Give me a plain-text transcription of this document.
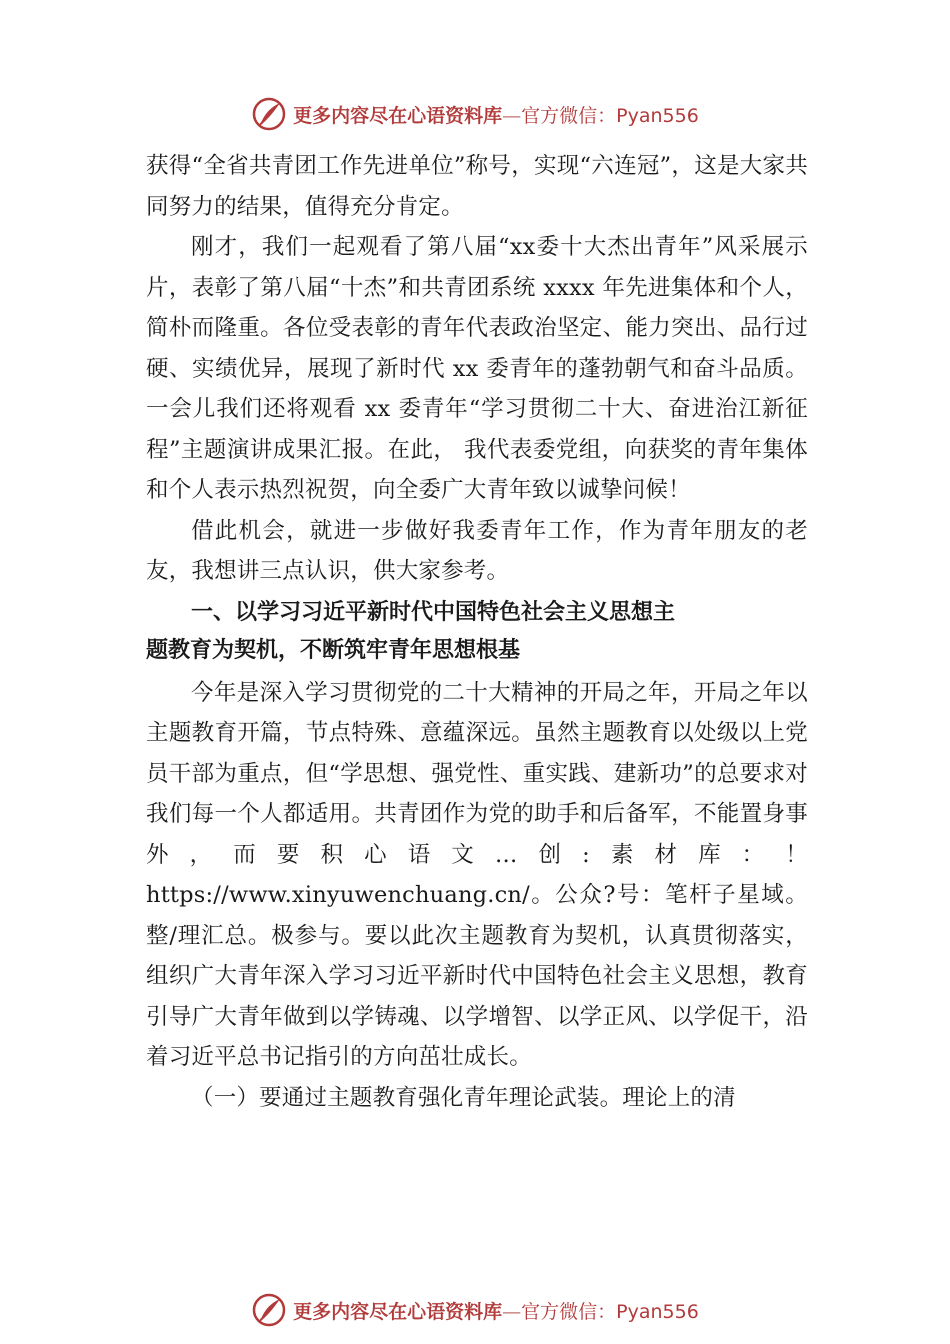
更多内容尽在心语资料库—官方微信：Pyan556

获得“全省共青团工作先进单位”称号，实现“六连冠”，这是大家共同努力的结果，值得充分肯定。

刚才，我们一起观看了第八届“xx委十大杰出青年”风采展示片，表彰了第八届“十杰”和共青团系统 xxxx 年先进集体和个人，简朴而隆重。各位受表彰的青年代表政治坚定、能力突出、品行过硬、实绩优异，展现了新时代 xx 委青年的蓬勃朝气和奋斗品质。一会儿我们还将观看 xx 委青年“学习贯彻二十大、奋进治江新征程”主题演讲成果汇报。在此， 我代表委党组，向获奖的青年集体和个人表示热烈祝贺，向全委广大青年致以诚挚问候！

借此机会，就进一步做好我委青年工作，作为青年朋友的老友，我想讲三点认识，供大家参考。

一、以学习习近平新时代中国特色社会主义思想主
题教育为契机，不断筑牢青年思想根基

今年是深入学习贯彻党的二十大精神的开局之年，开局之年以主题教育开篇，节点特殊、意蕴深远。虽然主题教育以处级以上党员干部为重点，但“学思想、强党性、重实践、建新功”的总要求对我们每一个人都适用。共青团作为党的助手和后备军，不能置身事外，而要积心语文…创:素材库：！https://www.xinyuwenchuang.cn/。公众?号：笔杆子星域。整/理汇总。极参与。要以此次主题教育为契机，认真贯彻落实，组织广大青年深入学习习近平新时代中国特色社会主义思想，教育引导广大青年做到以学铸魂、以学增智、以学正风、以学促干，沿着习近平总书记指引的方向茁壮成长。

（一）要通过主题教育强化青年理论武装。理论上的清

更多内容尽在心语资料库—官方微信：Pyan556
